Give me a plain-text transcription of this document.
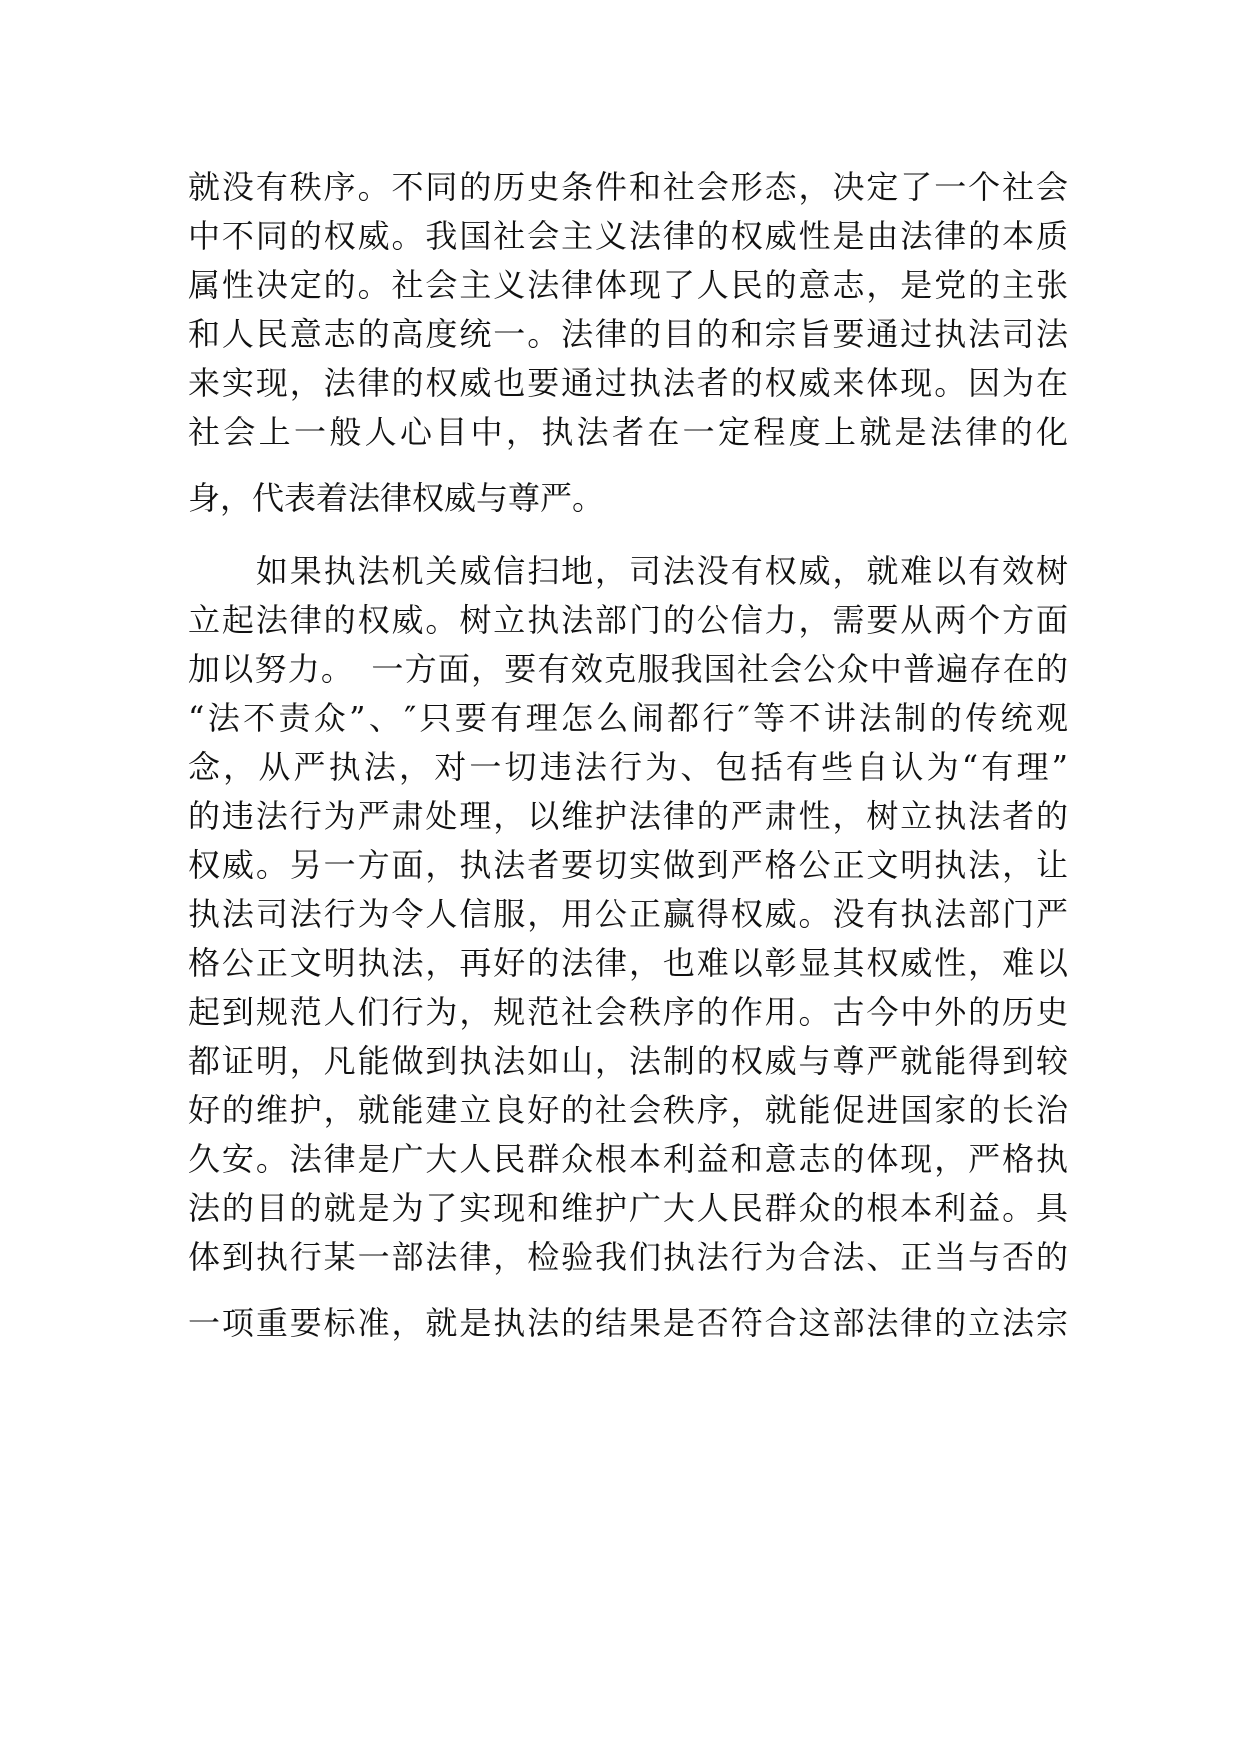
就没有秩序。不同的历史条件和社会形态，决定了一个社会
中不同的权威。我国社会主义法律的权威性是由法律的本质
属性决定的。社会主义法律体现了人民的意志，是党的主张
和人民意志的高度统一。法律的目的和宗旨要通过执法司法
来实现，法律的权威也要通过执法者的权威来体现。因为在
社会上一般人心目中，执法者在一定程度上就是法律的化
身，代表着法律权威与尊严。
　　如果执法机关威信扫地，司法没有权威，就难以有效树
立起法律的权威。树立执法部门的公信力，需要从两个方面
加以努力。　一方面，要有效克服我国社会公众中普遍存在的
“法不责众”、″只要有理怎么闹都行″等不讲法制的传统观
念，从严执法，对一切违法行为、包括有些自认为“有理”
的违法行为严肃处理，以维护法律的严肃性，树立执法者的
权威。另一方面，执法者要切实做到严格公正文明执法，让
执法司法行为令人信服，用公正赢得权威。没有执法部门严
格公正文明执法，再好的法律，也难以彰显其权威性，难以
起到规范人们行为，规范社会秩序的作用。古今中外的历史
都证明，凡能做到执法如山，法制的权威与尊严就能得到较
好的维护，就能建立良好的社会秩序，就能促进国家的长治
久安。法律是广大人民群众根本利益和意志的体现，严格执
法的目的就是为了实现和维护广大人民群众的根本利益。具
体到执行某一部法律，检验我们执法行为合法、正当与否的
一项重要标准，就是执法的结果是否符合这部法律的立法宗
